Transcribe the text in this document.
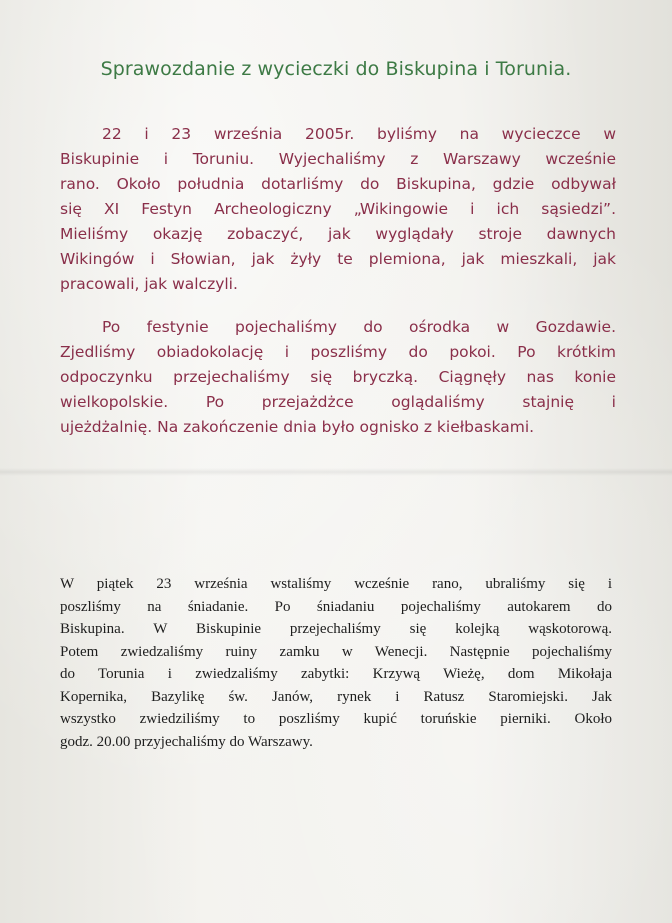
Sprawozdanie z wycieczki do Biskupina i Torunia.
22 i 23 września 2005r. byliśmy na wycieczce w
Biskupinie i Toruniu. Wyjechaliśmy z Warszawy wcześnie
rano. Około południa dotarliśmy do Biskupina, gdzie odbywał
się XI Festyn Archeologiczny „Wikingowie i ich sąsiedzi”.
Mieliśmy okazję zobaczyć, jak wyglądały stroje dawnych
Wikingów i Słowian, jak żyły te plemiona, jak mieszkali, jak
pracowali, jak walczyli.
Po festynie pojechaliśmy do ośrodka w Gozdawie.
Zjedliśmy obiadokolację i poszliśmy do pokoi. Po krótkim
odpoczynku przejechaliśmy się bryczką. Ciągnęły nas konie
wielkopolskie. Po przejażdżce oglądaliśmy stajnię i
ujeżdżalnię. Na zakończenie dnia było ognisko z kiełbaskami.
W piątek 23 września wstaliśmy wcześnie rano, ubraliśmy się i
poszliśmy na śniadanie. Po śniadaniu pojechaliśmy autokarem do
Biskupina. W Biskupinie przejechaliśmy się kolejką wąskotorową.
Potem zwiedzaliśmy ruiny zamku w Wenecji. Następnie pojechaliśmy
do Torunia i zwiedzaliśmy zabytki: Krzywą Wieżę, dom Mikołaja
Kopernika, Bazylikę św. Janów, rynek i Ratusz Staromiejski. Jak
wszystko zwiedziliśmy to poszliśmy kupić toruńskie pierniki. Około
godz. 20.00 przyjechaliśmy do Warszawy.
